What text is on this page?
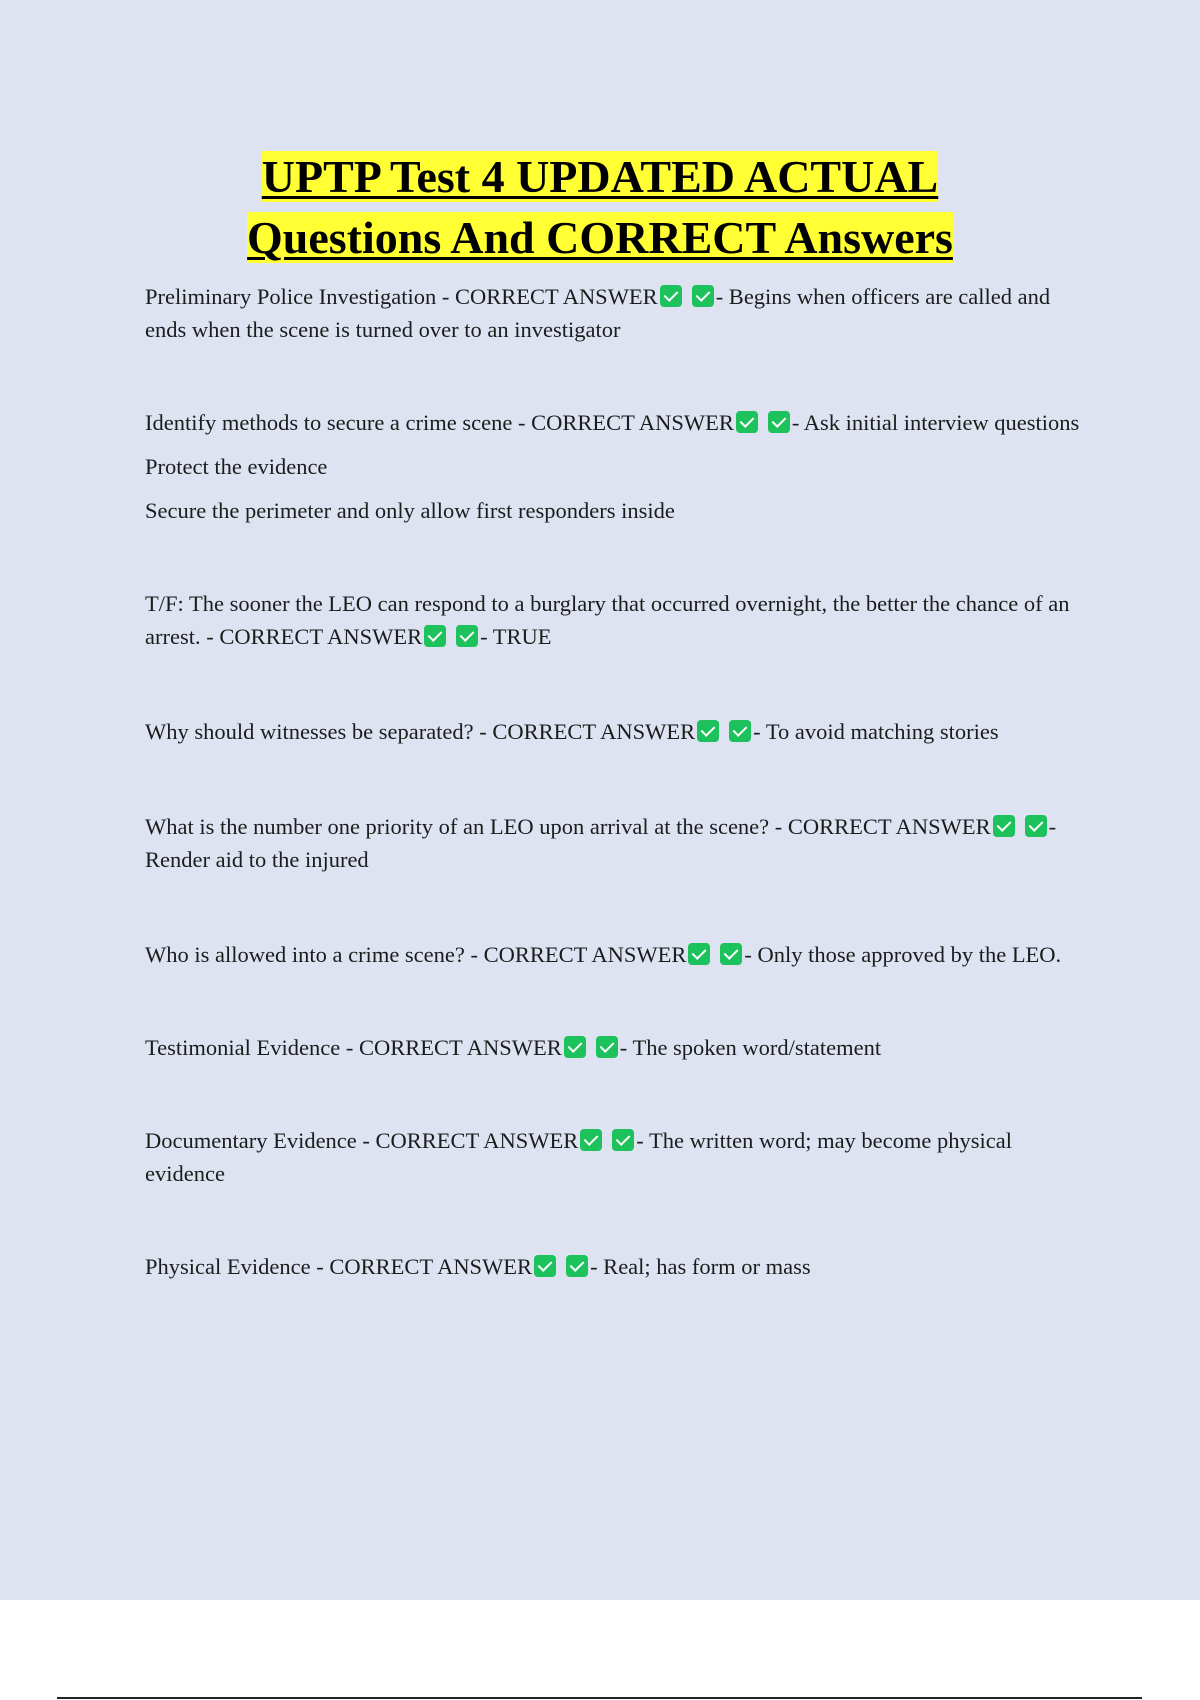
UPTP Test 4 UPDATED ACTUAL
Questions And CORRECT Answers

Preliminary Police Investigation - CORRECT ANSWER	- Begins when officers are called and ends when the scene is turned over to an investigator

Identify methods to secure a crime scene - CORRECT ANSWER	- Ask initial interview questions

Protect the evidence

Secure the perimeter and only allow first responders inside

T/F: The sooner the LEO can respond to a burglary that occurred overnight, the better the chance of an arrest. - CORRECT ANSWER	- TRUE

Why should witnesses be separated? - CORRECT ANSWER	- To avoid matching stories

What is the number one priority of an LEO upon arrival at the scene? - CORRECT ANSWER	- Render aid to the injured

Who is allowed into a crime scene? - CORRECT ANSWER	- Only those approved by the LEO.

Testimonial Evidence - CORRECT ANSWER	- The spoken word/statement

Documentary Evidence - CORRECT ANSWER	- The written word; may become physical evidence

Physical Evidence - CORRECT ANSWER	- Real; has form or mass
